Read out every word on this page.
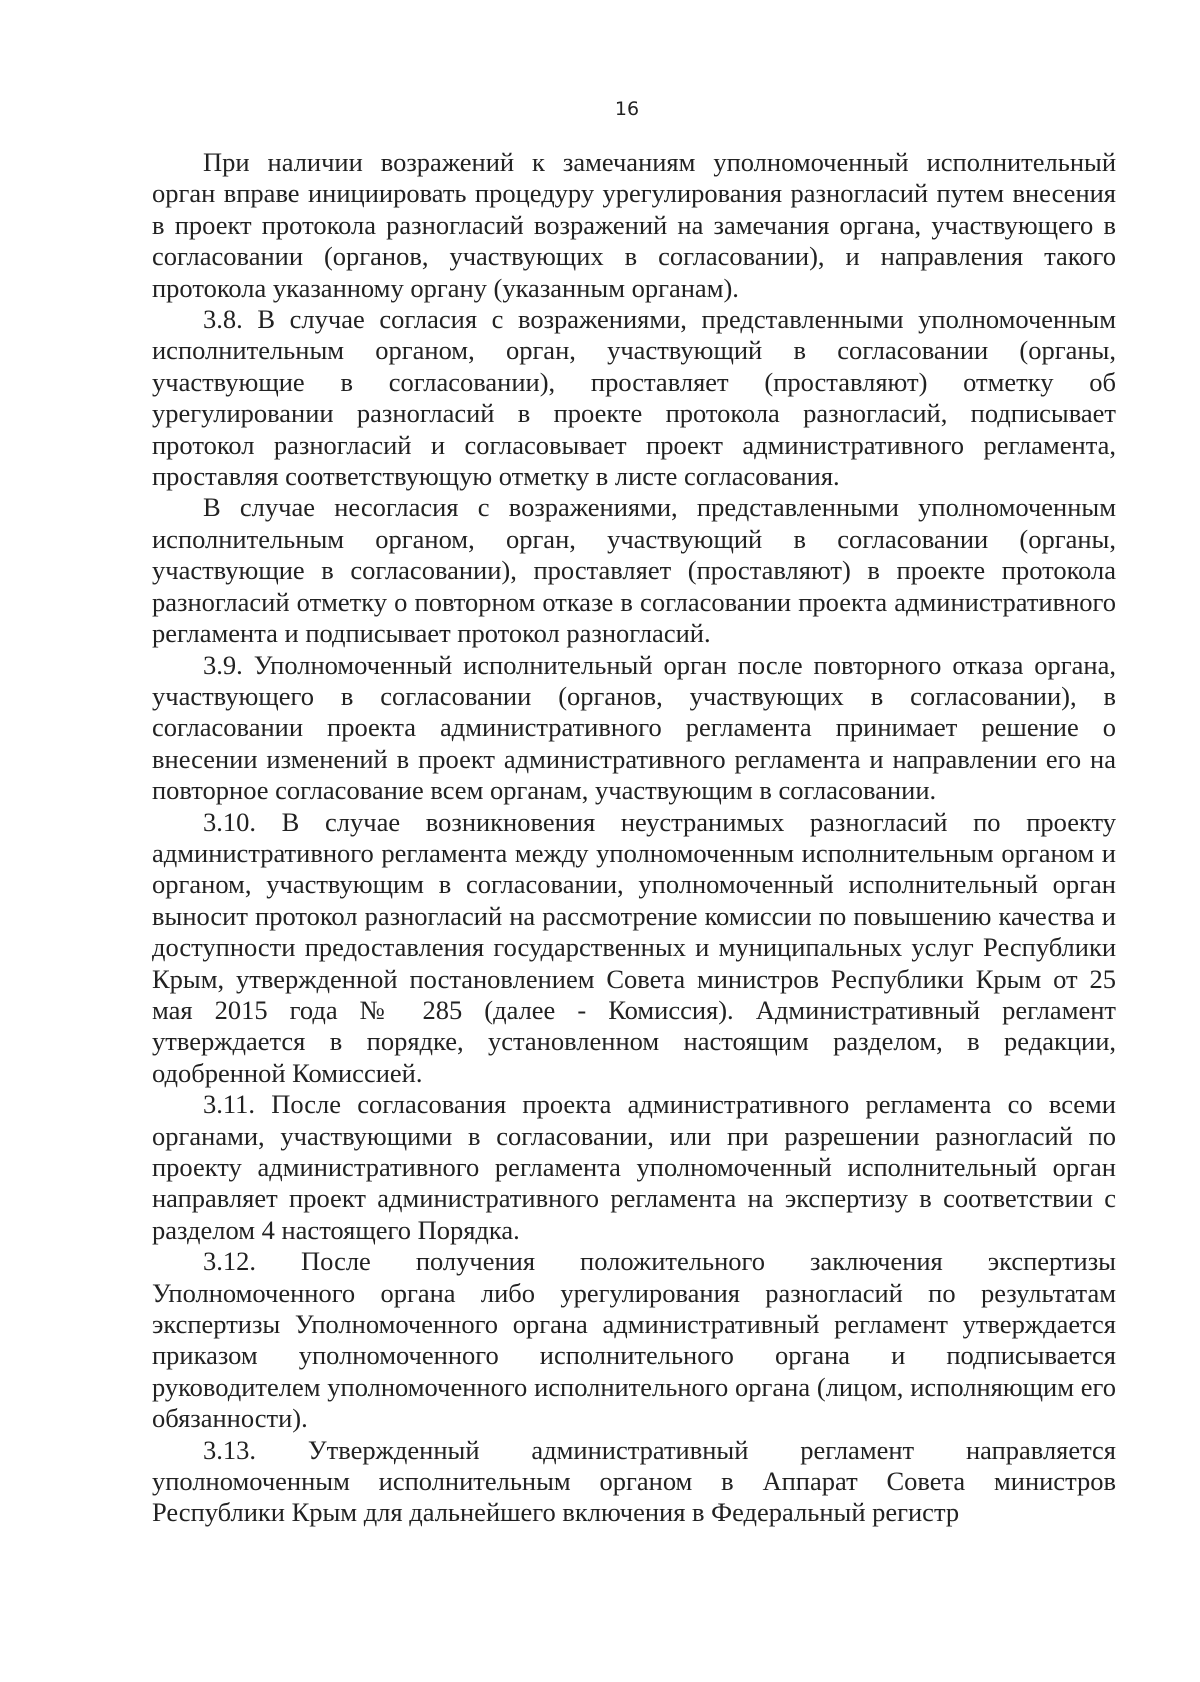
16

При наличии возражений к замечаниям уполномоченный исполнительный орган вправе инициировать процедуру урегулирования разногласий путем внесения в проект протокола разногласий возражений на замечания органа, участвующего в согласовании (органов, участвующих в согласовании), и направления такого протокола указанному органу (указанным органам).

3.8. В случае согласия с возражениями, представленными уполномоченным исполнительным органом, орган, участвующий в согласовании (органы, участвующие в согласовании), проставляет (проставляют) отметку об урегулировании разногласий в проекте протокола разногласий, подписывает протокол разногласий и согласовывает проект административного регламента, проставляя соответствующую отметку в листе согласования.

В случае несогласия с возражениями, представленными уполномоченным исполнительным органом, орган, участвующий в согласовании (органы, участвующие в согласовании), проставляет (проставляют) в проекте протокола разногласий отметку о повторном отказе в согласовании проекта административного регламента и подписывает протокол разногласий.

3.9. Уполномоченный исполнительный орган после повторного отказа органа, участвующего в согласовании (органов, участвующих в согласовании), в согласовании проекта административного регламента принимает решение о внесении изменений в проект административного регламента и направлении его на повторное согласование всем органам, участвующим в согласовании.

3.10. В случае возникновения неустранимых разногласий по проекту административного регламента между уполномоченным исполнительным органом и органом, участвующим в согласовании, уполномоченный исполнительный орган выносит протокол разногласий на рассмотрение комиссии по повышению качества и доступности предоставления государственных и муниципальных услуг Республики Крым, утвержденной постановлением Совета министров Республики Крым от 25 мая 2015 года № 285 (далее - Комиссия). Административный регламент утверждается в порядке, установленном настоящим разделом, в редакции, одобренной Комиссией.

3.11. После согласования проекта административного регламента со всеми органами, участвующими в согласовании, или при разрешении разногласий по проекту административного регламента уполномоченный исполнительный орган направляет проект административного регламента на экспертизу в соответствии с разделом 4 настоящего Порядка.

3.12. После получения положительного заключения экспертизы Уполномоченного органа либо урегулирования разногласий по результатам экспертизы Уполномоченного органа административный регламент утверждается приказом уполномоченного исполнительного органа и подписывается руководителем уполномоченного исполнительного органа (лицом, исполняющим его обязанности).

3.13. Утвержденный административный регламент направляется уполномоченным исполнительным органом в Аппарат Совета министров Республики Крым для дальнейшего включения в Федеральный регистр
